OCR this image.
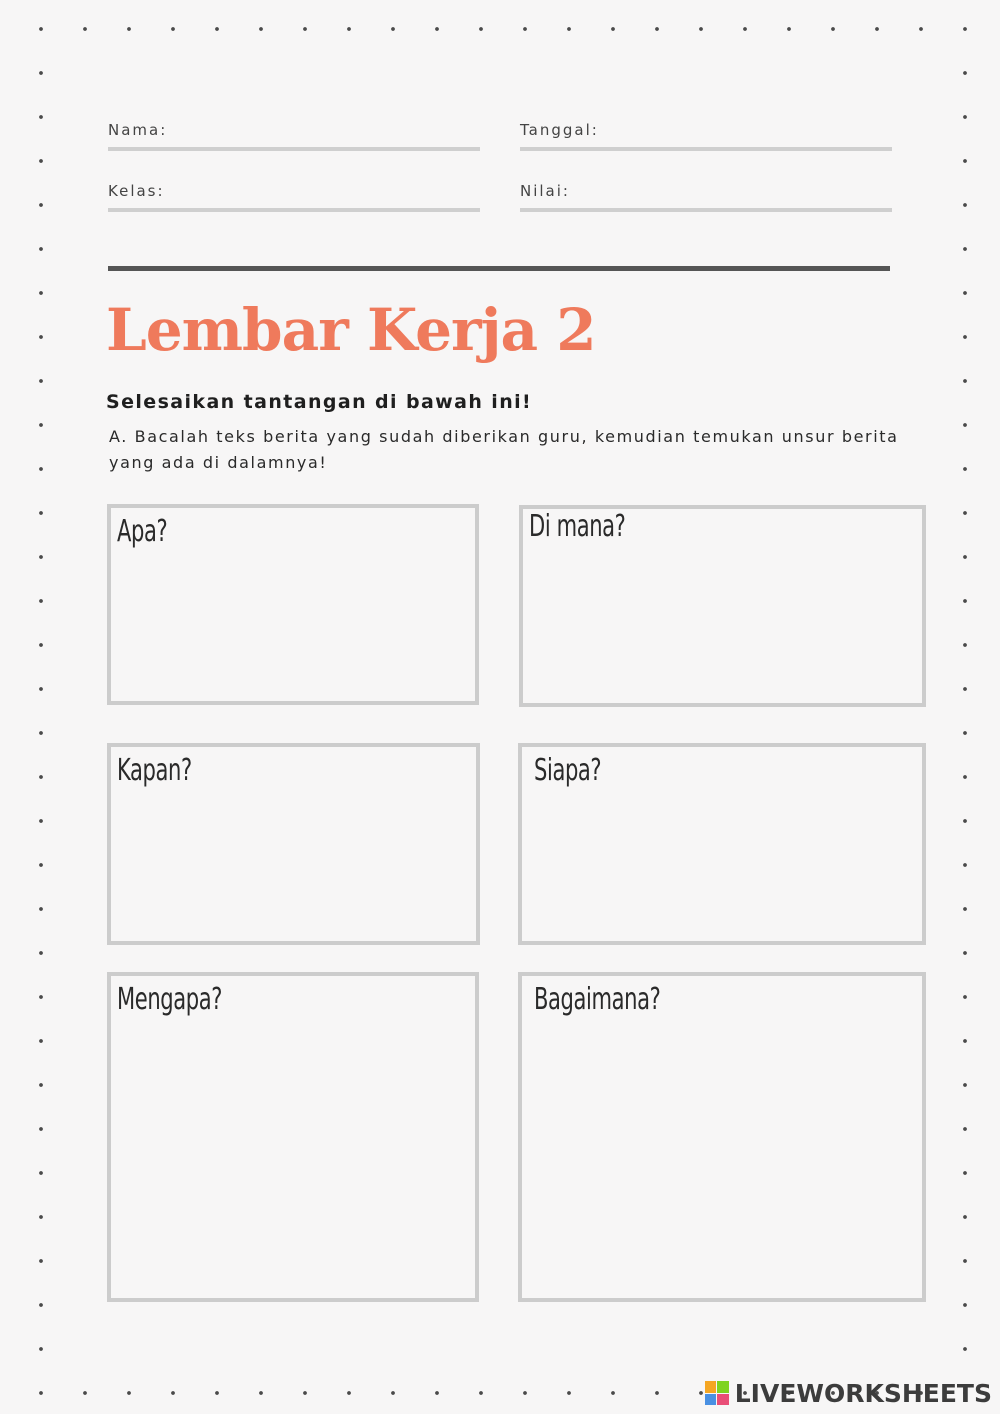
Nama:	Tanggal:
Kelas:	Nilai:
Lembar Kerja 2

Selesaikan tantangan di bawah ini!

A. Bacalah teks berita yang sudah diberikan guru, kemudian temukan unsur berita yang ada di dalamnya!

Apa?	Di mana?
Kapan?	Siapa?
Mengapa?	Bagaimana?
LIVEWORKSHEETS
